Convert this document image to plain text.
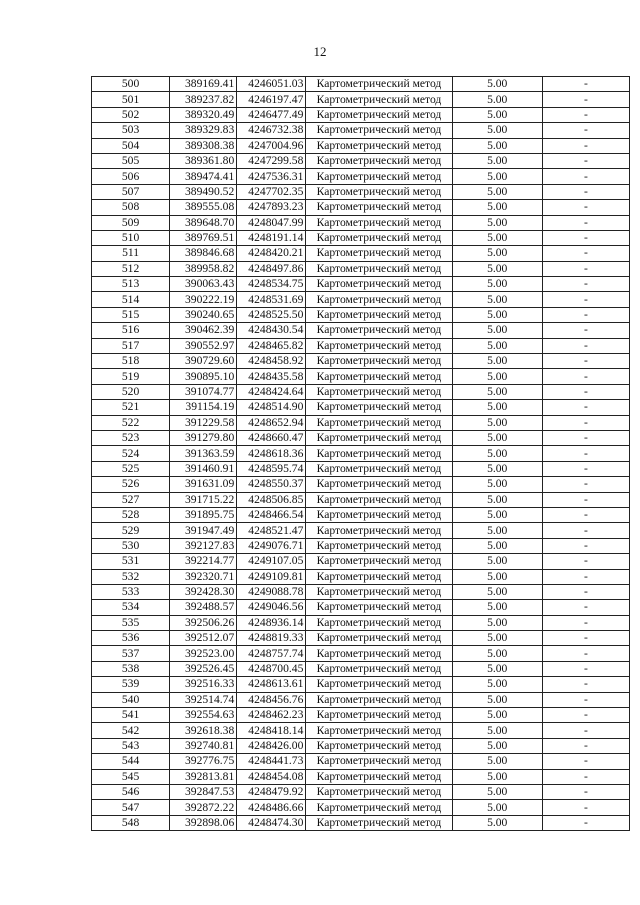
12
500	389169.41	4246051.03	Картометрический метод	5.00	-
501	389237.82	4246197.47	Картометрический метод	5.00	-
502	389320.49	4246477.49	Картометрический метод	5.00	-
503	389329.83	4246732.38	Картометрический метод	5.00	-
504	389308.38	4247004.96	Картометрический метод	5.00	-
505	389361.80	4247299.58	Картометрический метод	5.00	-
506	389474.41	4247536.31	Картометрический метод	5.00	-
507	389490.52	4247702.35	Картометрический метод	5.00	-
508	389555.08	4247893.23	Картометрический метод	5.00	-
509	389648.70	4248047.99	Картометрический метод	5.00	-
510	389769.51	4248191.14	Картометрический метод	5.00	-
511	389846.68	4248420.21	Картометрический метод	5.00	-
512	389958.82	4248497.86	Картометрический метод	5.00	-
513	390063.43	4248534.75	Картометрический метод	5.00	-
514	390222.19	4248531.69	Картометрический метод	5.00	-
515	390240.65	4248525.50	Картометрический метод	5.00	-
516	390462.39	4248430.54	Картометрический метод	5.00	-
517	390552.97	4248465.82	Картометрический метод	5.00	-
518	390729.60	4248458.92	Картометрический метод	5.00	-
519	390895.10	4248435.58	Картометрический метод	5.00	-
520	391074.77	4248424.64	Картометрический метод	5.00	-
521	391154.19	4248514.90	Картометрический метод	5.00	-
522	391229.58	4248652.94	Картометрический метод	5.00	-
523	391279.80	4248660.47	Картометрический метод	5.00	-
524	391363.59	4248618.36	Картометрический метод	5.00	-
525	391460.91	4248595.74	Картометрический метод	5.00	-
526	391631.09	4248550.37	Картометрический метод	5.00	-
527	391715.22	4248506.85	Картометрический метод	5.00	-
528	391895.75	4248466.54	Картометрический метод	5.00	-
529	391947.49	4248521.47	Картометрический метод	5.00	-
530	392127.83	4249076.71	Картометрический метод	5.00	-
531	392214.77	4249107.05	Картометрический метод	5.00	-
532	392320.71	4249109.81	Картометрический метод	5.00	-
533	392428.30	4249088.78	Картометрический метод	5.00	-
534	392488.57	4249046.56	Картометрический метод	5.00	-
535	392506.26	4248936.14	Картометрический метод	5.00	-
536	392512.07	4248819.33	Картометрический метод	5.00	-
537	392523.00	4248757.74	Картометрический метод	5.00	-
538	392526.45	4248700.45	Картометрический метод	5.00	-
539	392516.33	4248613.61	Картометрический метод	5.00	-
540	392514.74	4248456.76	Картометрический метод	5.00	-
541	392554.63	4248462.23	Картометрический метод	5.00	-
542	392618.38	4248418.14	Картометрический метод	5.00	-
543	392740.81	4248426.00	Картометрический метод	5.00	-
544	392776.75	4248441.73	Картометрический метод	5.00	-
545	392813.81	4248454.08	Картометрический метод	5.00	-
546	392847.53	4248479.92	Картометрический метод	5.00	-
547	392872.22	4248486.66	Картометрический метод	5.00	-
548	392898.06	4248474.30	Картометрический метод	5.00	-
